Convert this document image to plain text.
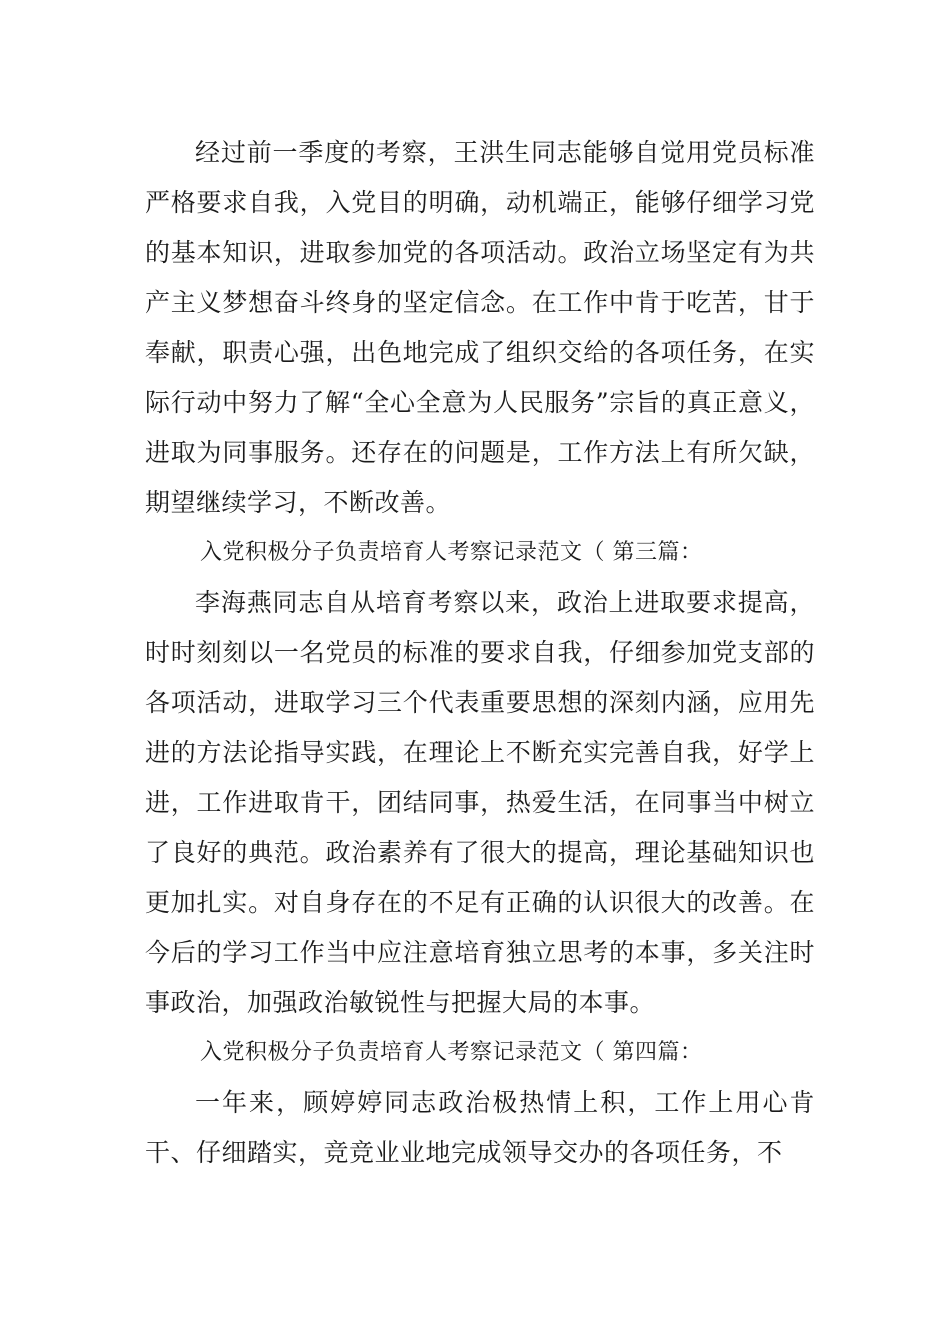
经过前一季度的考察，王洪生同志能够自觉用党员标准严格要求自我，入党目的明确，动机端正，能够仔细学习党的基本知识，进取参加党的各项活动。政治立场坚定有为共产主义梦想奋斗终身的坚定信念。在工作中肯于吃苦，甘于奉献，职责心强，出色地完成了组织交给的各项任务，在实际行动中努力了解“全心全意为人民服务”宗旨的真正意义，进取为同事服务。还存在的问题是，工作方法上有所欠缺，期望继续学习，不断改善。

入党积极分子负责培育人考察记录范文（ 第三篇：

李海燕同志自从培育考察以来，政治上进取要求提高，时时刻刻以一名党员的标准的要求自我，仔细参加党支部的各项活动，进取学习三个代表重要思想的深刻内涵，应用先进的方法论指导实践，在理论上不断充实完善自我，好学上进，工作进取肯干，团结同事，热爱生活，在同事当中树立了良好的典范。政治素养有了很大的提高，理论基础知识也更加扎实。对自身存在的不足有正确的认识很大的改善。在今后的学习工作当中应注意培育独立思考的本事，多关注时事政治，加强政治敏锐性与把握大局的本事。

入党积极分子负责培育人考察记录范文（ 第四篇：

一年来，顾婷婷同志政治极热情上积，工作上用心肯干、仔细踏实，竞竞业业地完成领导交办的各项任务，不
